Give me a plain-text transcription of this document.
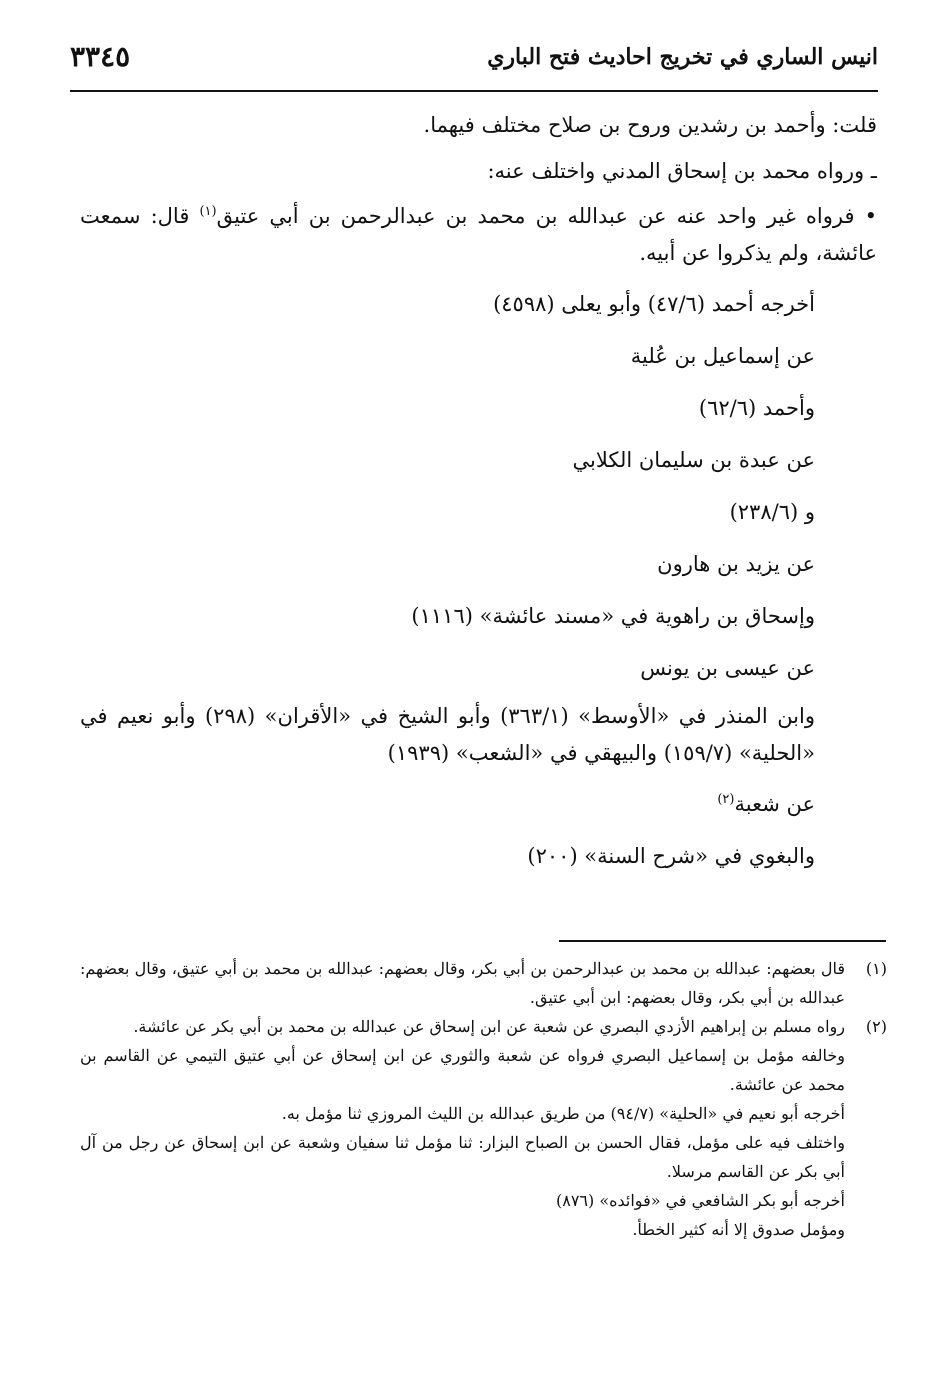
انيس الساري في تخريج احاديث فتح الباري
٣٣٤٥
قلت: وأحمد بن رشدين وروح بن صلاح مختلف فيهما.
ـ ورواه محمد بن إسحاق المدني واختلف عنه:
• فرواه غير واحد عنه عن عبدالله بن محمد بن عبدالرحمن بن أبي عتيق$^{(١)}$ قال: سمعت عائشة، ولم يذكروا عن أبيه.
أخرجه أحمد (٤٧/٦) وأبو يعلى (٤٥٩٨)
عن إسماعيل بن عُلية
وأحمد (٦٢/٦)
عن عبدة بن سليمان الكلابي
و (٢٣٨/٦)
عن يزيد بن هارون
وإسحاق بن راهوية في «مسند عائشة» (١١١٦)
عن عيسى بن يونس
وابن المنذر في «الأوسط» (٣٦٣/١) وأبو الشيخ في «الأقران» (٢٩٨) وأبو نعيم في «الحلية» (١٥٩/٧) والبيهقي في «الشعب» (١٩٣٩)
عن شعبة$^{(٢)}$
والبغوي في «شرح السنة» (٢٠٠)
(١)
قال بعضهم: عبدالله بن محمد بن عبدالرحمن بن أبي بكر، وقال بعضهم: عبدالله بن محمد بن أبي عتيق، وقال بعضهم: عبدالله بن أبي بكر، وقال بعضهم: ابن أبي عتيق.
(٢)
رواه مسلم بن إبراهيم الأزدي البصري عن شعبة عن ابن إسحاق عن عبدالله بن محمد بن أبي بكر عن عائشة.
وخالفه مؤمل بن إسماعيل البصري فرواه عن شعبة والثوري عن ابن إسحاق عن أبي عتيق التيمي عن القاسم بن محمد عن عائشة.
أخرجه أبو نعيم في «الحلية» (٩٤/٧) من طريق عبدالله بن الليث المروزي ثنا مؤمل به.
واختلف فيه على مؤمل، فقال الحسن بن الصباح البزار: ثنا مؤمل ثنا سفيان وشعبة عن ابن إسحاق عن رجل من آل أبي بكر عن القاسم مرسلا.
أخرجه أبو بكر الشافعي في «فوائده» (٨٧٦)
ومؤمل صدوق إلا أنه كثير الخطأ.
